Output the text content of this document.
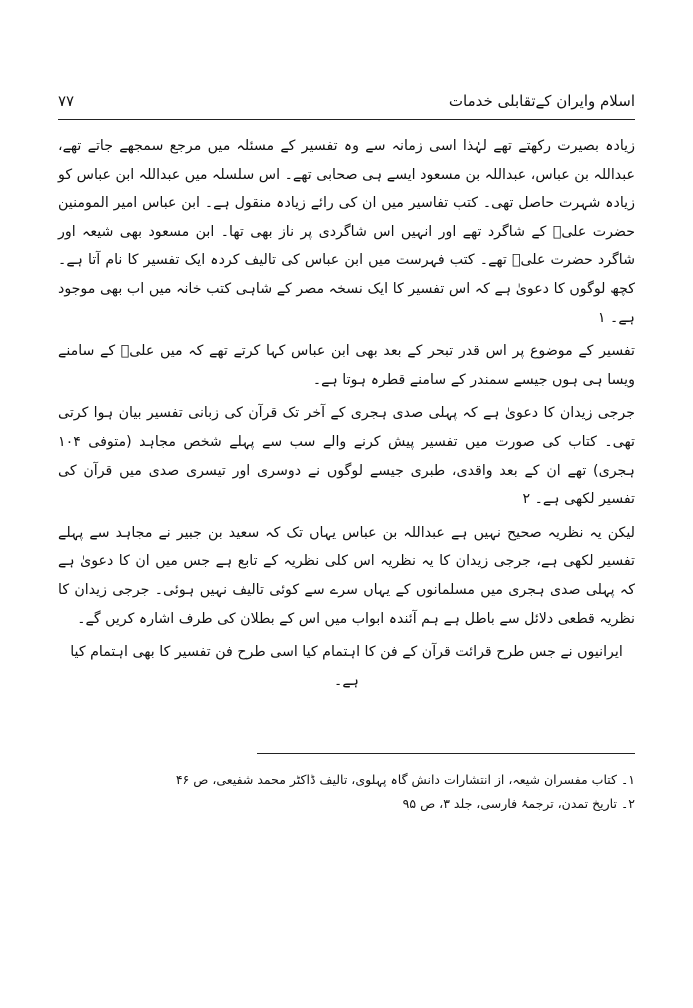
اسلام وایران کےتقابلی خدمات
۷۷

زیادہ بصیرت رکھتے تھے لہٰذا اسی زمانہ سے وہ تفسیر کے مسئلہ میں مرجع سمجھے جاتے تھے، عبداللہ بن عباس، عبداللہ بن مسعود ایسے ہی صحابی تھے۔ اس سلسلہ میں عبداللہ ابن عباس کو زیادہ شہرت حاصل تھی۔ کتب تفاسیر میں ان کی رائے زیادہ منقول ہے۔ ابن عباس امیر المومنین حضرت علیؑ کے شاگرد تھے اور انہیں اس شاگردی پر ناز بھی تھا۔ ابن مسعود بھی شیعہ اور شاگرد حضرت علیؑ تھے۔ کتب فہرست میں ابن عباس کی تالیف کردہ ایک تفسیر کا نام آتا ہے۔ کچھ لوگوں کا دعویٰ ہے کہ اس تفسیر کا ایک نسخہ مصر کے شاہی کتب خانہ میں اب بھی موجود ہے۔ ۱

تفسیر کے موضوع پر اس قدر تبحر کے بعد بھی ابن عباس کہا کرتے تھے کہ میں علیؑ کے سامنے ویسا ہی ہوں جیسے سمندر کے سامنے قطرہ ہوتا ہے۔

جرجی زیدان کا دعویٰ ہے کہ پہلی صدی ہجری کے آخر تک قرآن کی زبانی تفسیر بیان ہوا کرتی تھی۔ کتاب کی صورت میں تفسیر پیش کرنے والے سب سے پہلے شخص مجاہد (متوفی ۱۰۴ ہجری) تھے ان کے بعد واقدی، طبری جیسے لوگوں نے دوسری اور تیسری صدی میں قرآن کی تفسیر لکھی ہے۔ ۲

لیکن یہ نظریہ صحیح نہیں ہے عبداللہ بن عباس یہاں تک کہ سعید بن جبیر نے مجاہد سے پہلے تفسیر لکھی ہے، جرجی زیدان کا یہ نظریہ اس کلی نظریہ کے تابع ہے جس میں ان کا دعویٰ ہے کہ پہلی صدی ہجری میں مسلمانوں کے یہاں سرے سے کوئی تالیف نہیں ہوئی۔ جرجی زیدان کا نظریہ قطعی دلائل سے باطل ہے ہم آئندہ ابواب میں اس کے بطلان کی طرف اشارہ کریں گے۔

ایرانیوں نے جس طرح قرائت قرآن کے فن کا اہتمام کیا اسی طرح فن تفسیر کا بھی اہتمام کیا ہے۔

۱۔ کتاب مفسران شیعہ، از انتشارات دانش گاہ پہلوی، تالیف ڈاکٹر محمد شفیعی، ص ۴۶
۲۔ تاریخ تمدن، ترجمۂ فارسی، جلد ۳، ص ۹۵
